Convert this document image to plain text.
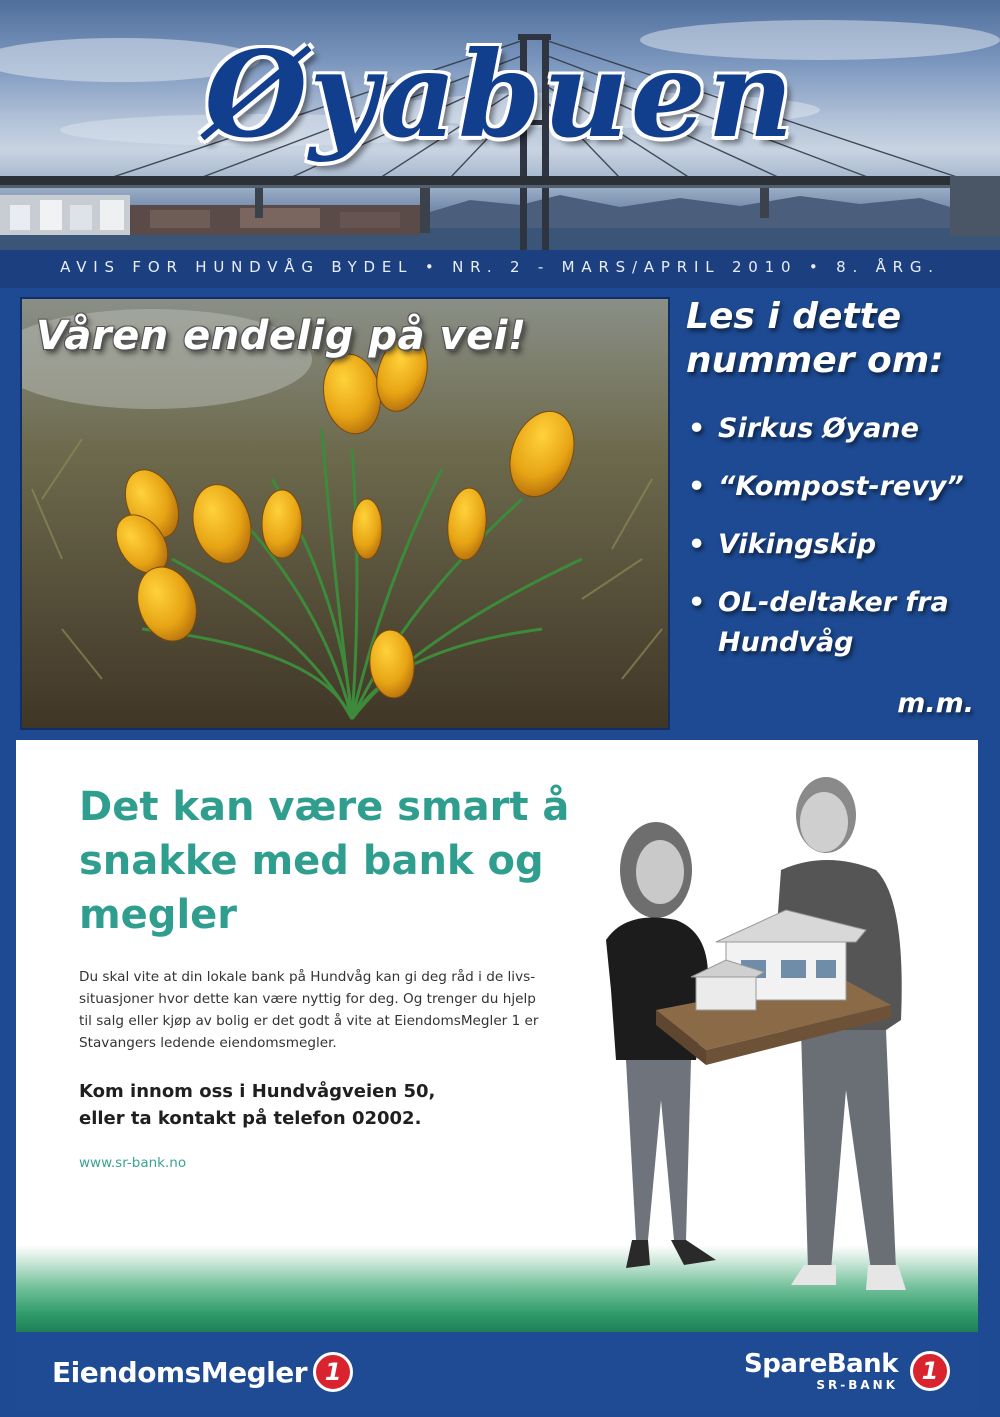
Øyabuen
AVIS FOR HUNDVÅG BYDEL • NR. 2 - MARS/APRIL 2010 • 8. ÅRG.
Våren endelig på vei!	Les i dette nummer om:
• Sirkus Øyane
• “Kompost-revy”
• Vikingskip
• OL-deltaker fra Hundvåg
m.m.
Det kan være smart å snakke med bank og megler

Du skal vite at din lokale bank på Hundvåg kan gi deg råd i de livs-situasjoner hvor dette kan være nyttig for deg. Og trenger du hjelp til salg eller kjøp av bolig er det godt å vite at EiendomsMegler 1 er Stavangers ledende eiendomsmegler.

Kom innom oss i Hundvågveien 50,
eller ta kontakt på telefon 02002.

www.sr-bank.no
EiendomsMegler 1	SpareBank
SR-BANK 1
